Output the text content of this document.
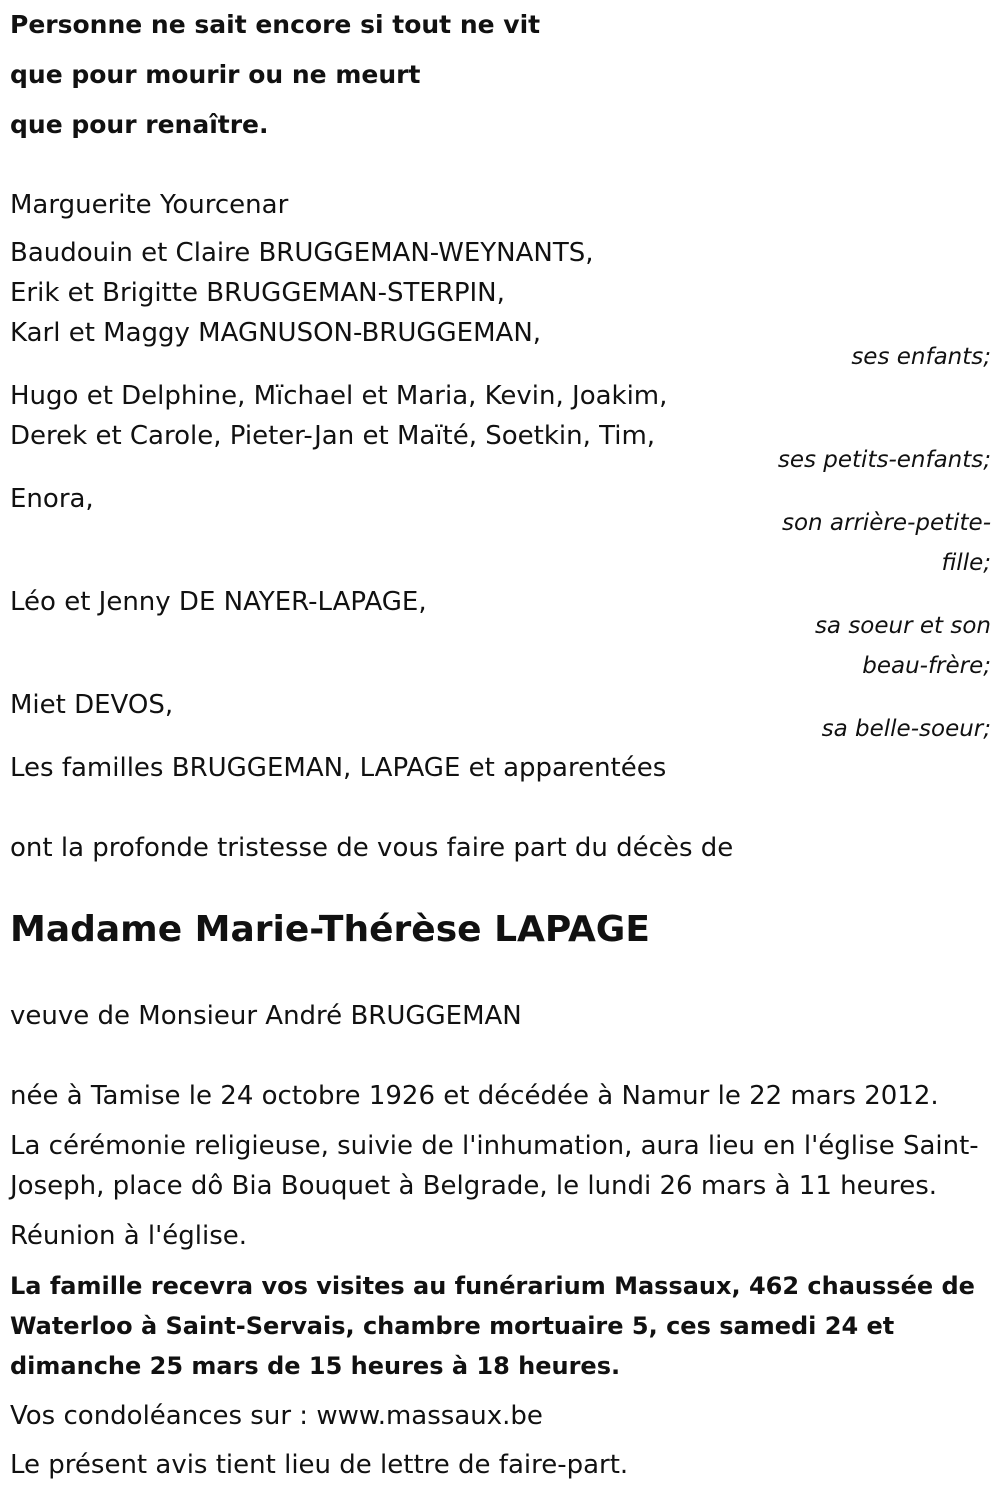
Personne ne sait encore si tout ne vit
que pour mourir ou ne meurt
que pour renaître.
Marguerite Yourcenar
Baudouin et Claire BRUGGEMAN-WEYNANTS,
Erik et Brigitte BRUGGEMAN-STERPIN,
Karl et Maggy MAGNUSON-BRUGGEMAN,
ses enfants;
Hugo et Delphine, Mïchael et Maria, Kevin, Joakim,
Derek et Carole, Pieter-Jan et Maïté, Soetkin, Tim,
ses petits-enfants;
Enora,
son arrière-petite-fille;
Léo et Jenny DE NAYER-LAPAGE,
sa soeur et son beau-frère;
Miet DEVOS,
sa belle-soeur;
Les familles BRUGGEMAN, LAPAGE et apparentées
ont la profonde tristesse de vous faire part du décès de
Madame Marie-Thérèse LAPAGE
veuve de Monsieur André BRUGGEMAN
née à Tamise le 24 octobre 1926 et décédée à Namur le 22 mars 2012.
La cérémonie religieuse, suivie de l'inhumation, aura lieu en l'église Saint-Joseph, place dô Bia Bouquet à Belgrade, le lundi 26 mars à 11 heures.
Réunion à l'église.
La famille recevra vos visites au funérarium Massaux, 462 chaussée de Waterloo à Saint-Servais, chambre mortuaire 5, ces samedi 24 et dimanche 25 mars de 15 heures à 18 heures.
Vos condoléances sur : www.massaux.be
Le présent avis tient lieu de lettre de faire-part.
